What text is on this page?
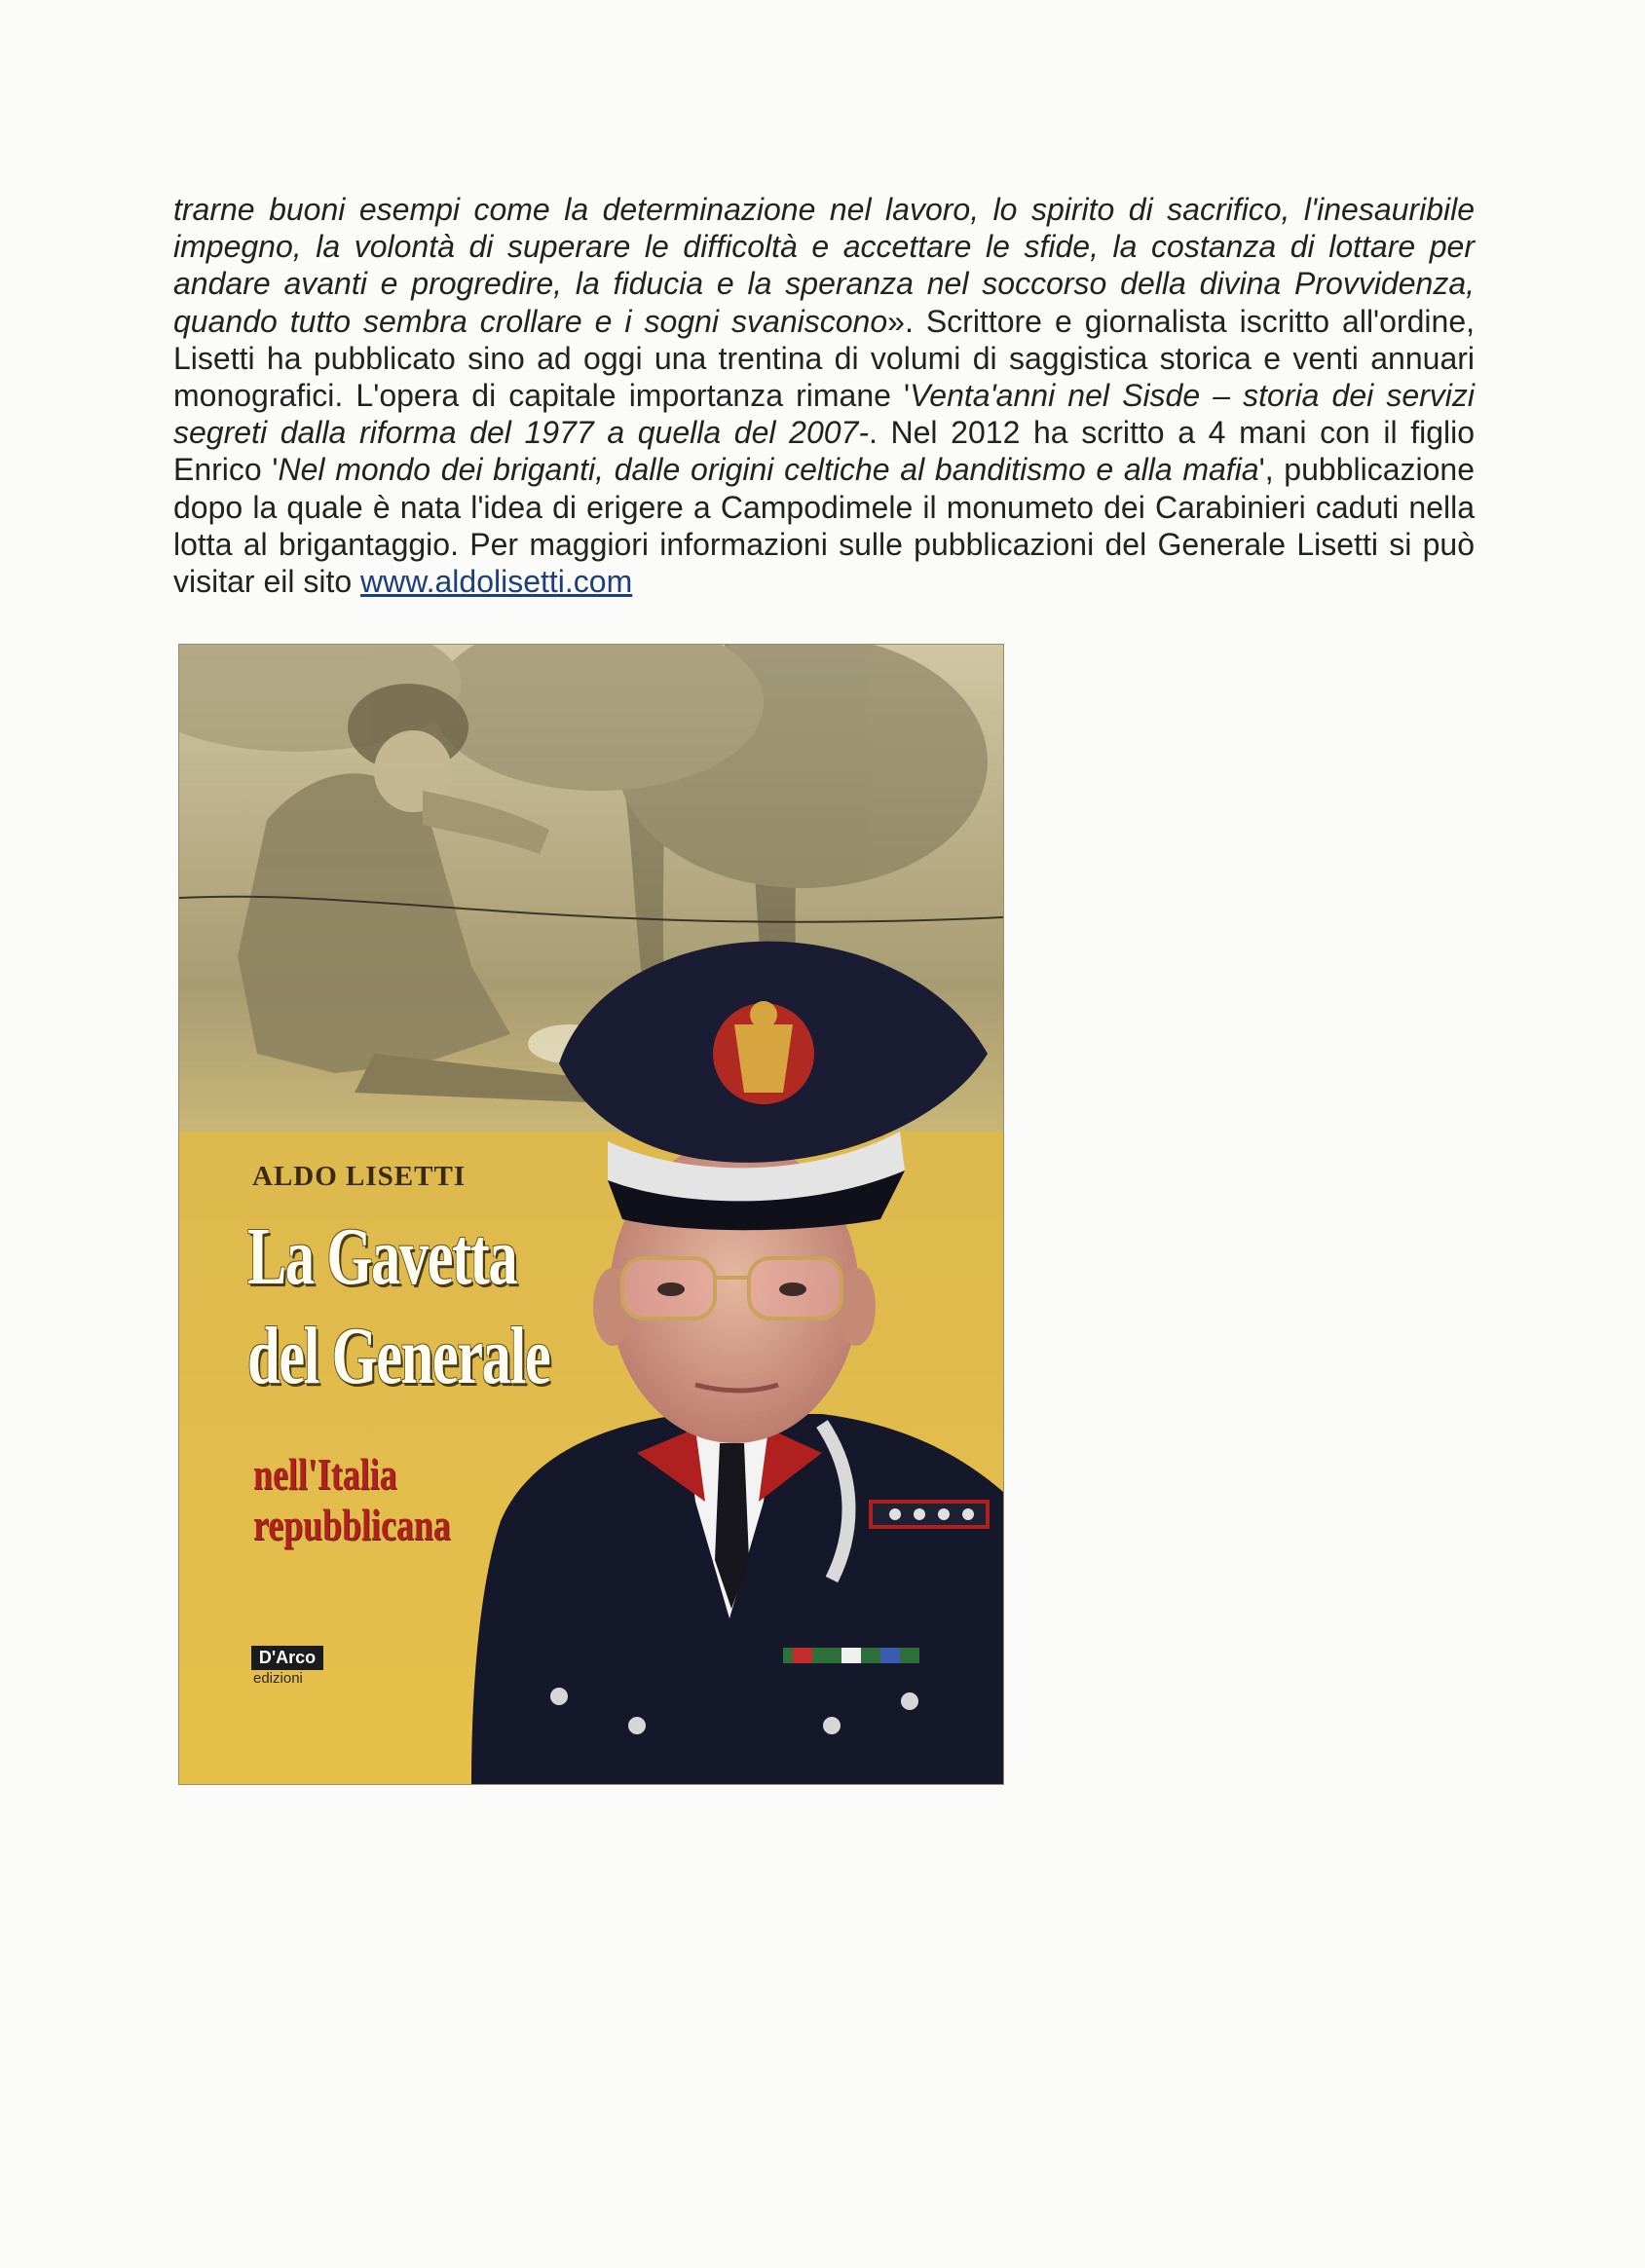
trarne buoni esempi come la determinazione nel lavoro, lo spirito di sacrifico, l'inesauribile impegno, la volontà di superare le difficoltà e accettare le sfide, la costanza di lottare per andare avanti e progredire, la fiducia e la speranza nel soccorso della divina Provvidenza, quando tutto sembra crollare e i sogni svaniscono». Scrittore e giornalista iscritto all'ordine, Lisetti ha pubblicato sino ad oggi una trentina di volumi di saggistica storica e venti annuari monografici. L'opera di capitale importanza rimane 'Venta'anni nel Sisde – storia dei servizi segreti dalla riforma del 1977 a quella del 2007-. Nel 2012 ha scritto a 4 mani con il figlio Enrico 'Nel mondo dei briganti, dalle origini celtiche al banditismo e alla mafia', pubblicazione dopo la quale è nata l'idea di erigere a Campodimele il monumeto dei Carabinieri caduti nella lotta al brigantaggio. Per maggiori informazioni sulle pubblicazioni del Generale Lisetti si può visitar eil sito www.aldolisetti.com

ALDO LISETTI
La Gavetta
del Generale
nell'Italia
repubblicana
D'Arco
edizioni
